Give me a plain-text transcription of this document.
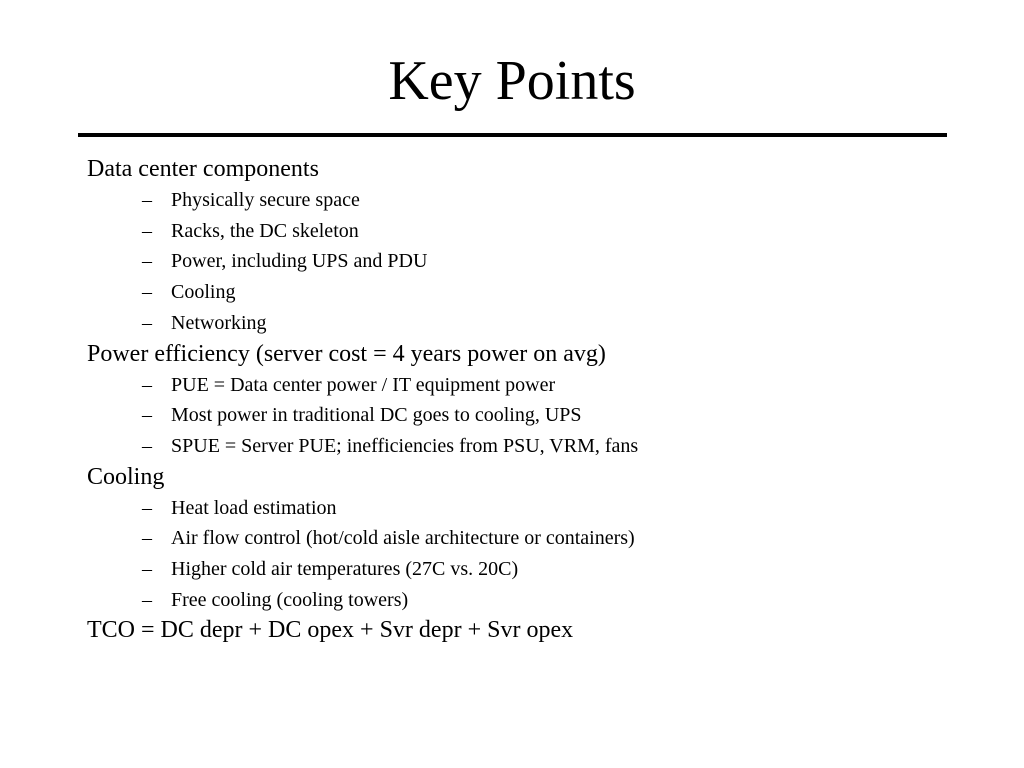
Key Points
Data center components
– Physically secure space
– Racks, the DC skeleton
– Power, including UPS and PDU
– Cooling
– Networking
Power efficiency (server cost = 4 years power on avg)
– PUE = Data center power / IT equipment power
– Most power in traditional DC goes to cooling, UPS
– SPUE = Server PUE; inefficiencies from PSU, VRM, fans
Cooling
– Heat load estimation
– Air flow control (hot/cold aisle architecture or containers)
– Higher cold air temperatures (27C vs. 20C)
– Free cooling (cooling towers)
TCO = DC depr + DC opex + Svr depr + Svr opex
